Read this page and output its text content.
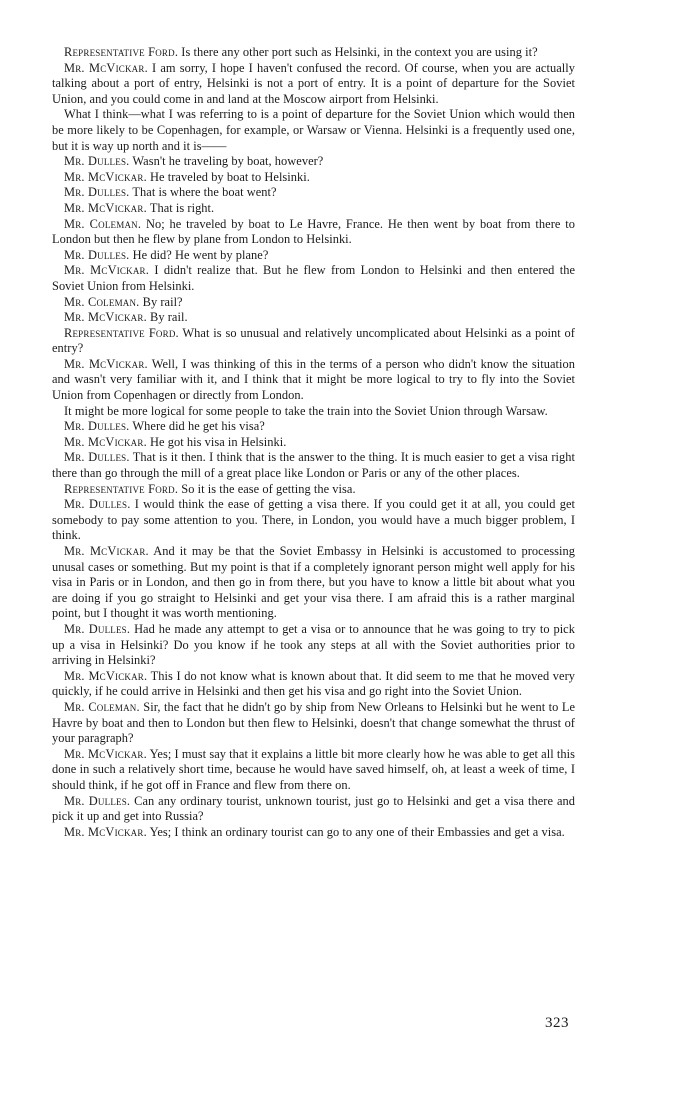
Representative Ford. Is there any other port such as Helsinki, in the context you are using it?

Mr. McVickar. I am sorry, I hope I haven't confused the record. Of course, when you are actually talking about a port of entry, Helsinki is not a port of entry. It is a point of departure for the Soviet Union, and you could come in and land at the Moscow airport from Helsinki.

What I think—what I was referring to is a point of departure for the Soviet Union which would then be more likely to be Copenhagen, for example, or Warsaw or Vienna. Helsinki is a frequently used one, but it is way up north and it is——

Mr. Dulles. Wasn't he traveling by boat, however?

Mr. McVickar. He traveled by boat to Helsinki.

Mr. Dulles. That is where the boat went?

Mr. McVickar. That is right.

Mr. Coleman. No; he traveled by boat to Le Havre, France. He then went by boat from there to London but then he flew by plane from London to Helsinki.

Mr. Dulles. He did? He went by plane?

Mr. McVickar. I didn't realize that. But he flew from London to Helsinki and then entered the Soviet Union from Helsinki.

Mr. Coleman. By rail?

Mr. McVickar. By rail.

Representative Ford. What is so unusual and relatively uncomplicated about Helsinki as a point of entry?

Mr. McVickar. Well, I was thinking of this in the terms of a person who didn't know the situation and wasn't very familiar with it, and I think that it might be more logical to try to fly into the Soviet Union from Copenhagen or directly from London.

It might be more logical for some people to take the train into the Soviet Union through Warsaw.

Mr. Dulles. Where did he get his visa?

Mr. McVickar. He got his visa in Helsinki.

Mr. Dulles. That is it then. I think that is the answer to the thing. It is much easier to get a visa right there than go through the mill of a great place like London or Paris or any of the other places.

Representative Ford. So it is the ease of getting the visa.

Mr. Dulles. I would think the ease of getting a visa there. If you could get it at all, you could get somebody to pay some attention to you. There, in London, you would have a much bigger problem, I think.

Mr. McVickar. And it may be that the Soviet Embassy in Helsinki is accustomed to processing unusal cases or something. But my point is that if a completely ignorant person might well apply for his visa in Paris or in London, and then go in from there, but you have to know a little bit about what you are doing if you go straight to Helsinki and get your visa there. I am afraid this is a rather marginal point, but I thought it was worth mentioning.

Mr. Dulles. Had he made any attempt to get a visa or to announce that he was going to try to pick up a visa in Helsinki? Do you know if he took any steps at all with the Soviet authorities prior to arriving in Helsinki?

Mr. McVickar. This I do not know what is known about that. It did seem to me that he moved very quickly, if he could arrive in Helsinki and then get his visa and go right into the Soviet Union.

Mr. Coleman. Sir, the fact that he didn't go by ship from New Orleans to Helsinki but he went to Le Havre by boat and then to London but then flew to Helsinki, doesn't that change somewhat the thrust of your paragraph?

Mr. McVickar. Yes; I must say that it explains a little bit more clearly how he was able to get all this done in such a relatively short time, because he would have saved himself, oh, at least a week of time, I should think, if he got off in France and flew from there on.

Mr. Dulles. Can any ordinary tourist, unknown tourist, just go to Helsinki and get a visa there and pick it up and get into Russia?

Mr. McVickar. Yes; I think an ordinary tourist can go to any one of their Embassies and get a visa.

323
